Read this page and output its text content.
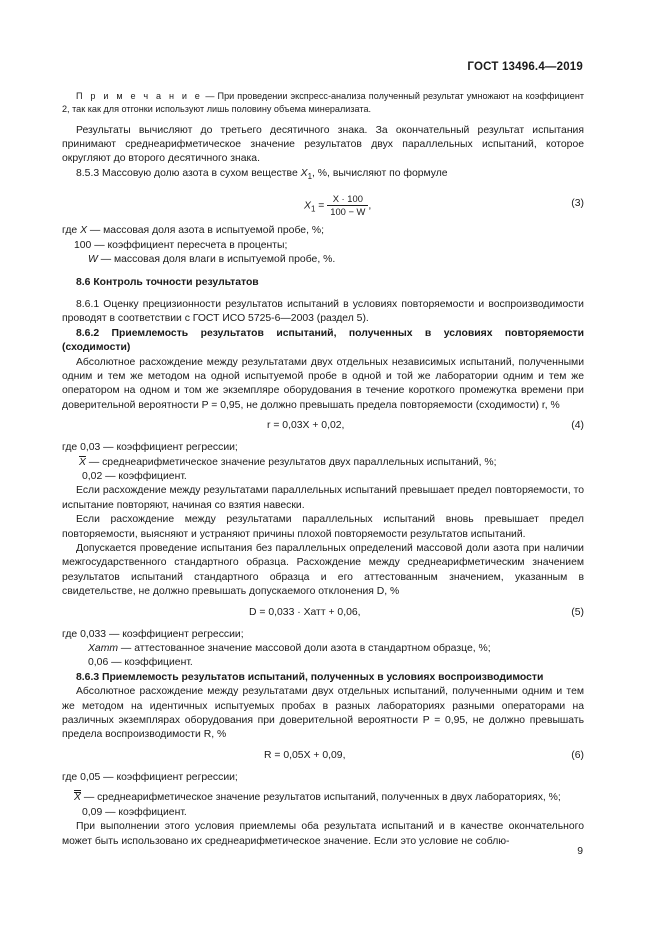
ГОСТ 13496.4—2019

П р и м е ч а н и е — При проведении экспресс-анализа полученный результат умножают на коэффициент 2, так как для отгонки используют лишь половину объема минерализата.

Результаты вычисляют до третьего десятичного знака. За окончательный результат испытания принимают среднеарифметическое значение результатов двух параллельных испытаний, которое округляют до второго десятичного знака.

8.5.3 Массовую долю азота в сухом веществе $X_1$, %, вычисляют по формуле

$X_1 = \frac{X \cdot 100}{100 - W}$ ,	(3)

где X — массовая доля азота в испытуемой пробе, %;

100 — коэффициент пересчета в проценты;

W — массовая доля влаги в испытуемой пробе, %.

8.6 Контроль точности результатов

8.6.1 Оценку прецизионности результатов испытаний в условиях повторяемости и воспроизводимости проводят в соответствии с ГОСТ ИСО 5725-6—2003 (раздел 5).

8.6.2 Приемлемость результатов испытаний, полученных в условиях повторяемости (сходимости)

Абсолютное расхождение между результатами двух отдельных независимых испытаний, полученными одним и тем же методом на одной испытуемой пробе в одной и той же лаборатории одним и тем же оператором на одном и том же экземпляре оборудования в течение короткого промежутка времени при доверительной вероятности P = 0,95, не должно превышать предела повторяемости (сходимости) r, %

r = 0,03X + 0,02,	(4)

где 0,03 — коэффициент регрессии;

$\overline{X}$ — среднеарифметическое значение результатов двух параллельных испытаний, %;

0,02 — коэффициент.

Если расхождение между результатами параллельных испытаний превышает предел повторяемости, то испытание повторяют, начиная со взятия навески.

Если расхождение между результатами параллельных испытаний вновь превышает предел повторяемости, выясняют и устраняют причины плохой повторяемости результатов испытаний.

Допускается проведение испытания без параллельных определений массовой доли азота при наличии межгосударственного стандартного образца. Расхождение между среднеарифметическим значением результатов испытаний стандартного образца и его аттестованным значением, указанным в свидетельстве, не должно превышать допускаемого отклонения D, %

D = 0,033 · Xатт + 0,06,	(5)

где 0,033 — коэффициент регрессии;

Xатт — аттестованное значение массовой доли азота в стандартном образце, %;

0,06 — коэффициент.

8.6.3 Приемлемость результатов испытаний, полученных в условиях воспроизводимости

Абсолютное расхождение между результатами двух отдельных испытаний, полученными одним и тем же методом на идентичных испытуемых пробах в разных лабораториях разными операторами на различных экземплярах оборудования при доверительной вероятности P = 0,95, не должно превышать предела воспроизводимости R, %

R = 0,05X + 0,09,	(6)

где 0,05 — коэффициент регрессии;

X — среднеарифметическое значение результатов испытаний, полученных в двух лабораториях, %;

0,09 — коэффициент.

При выполнении этого условия приемлемы оба результата испытаний и в качестве окончательного может быть использовано их среднеарифметическое значение. Если это условие не соблю-

9
